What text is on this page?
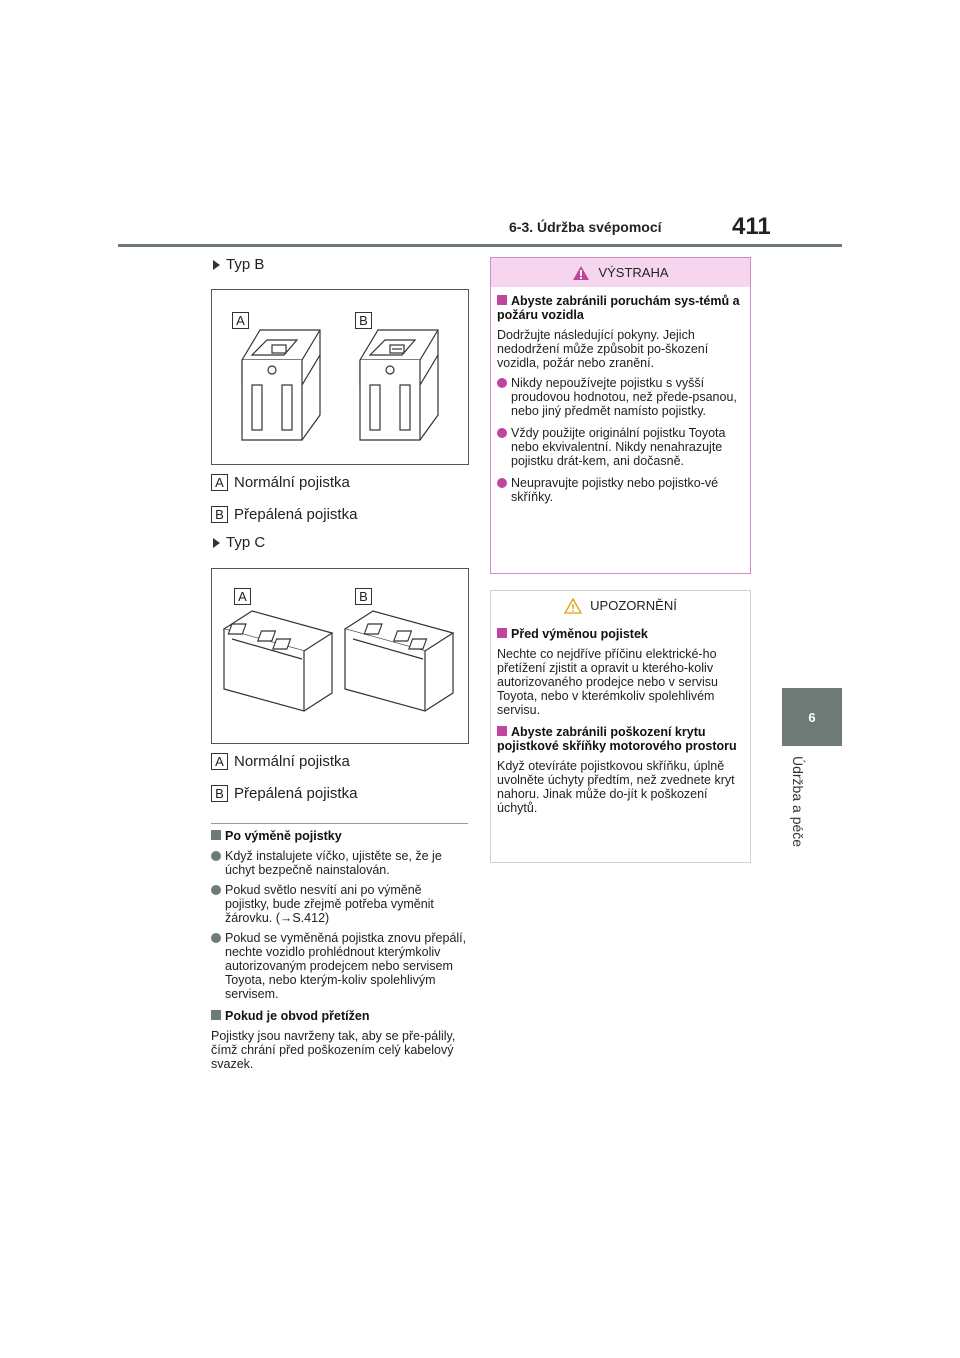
6-3. Údržba svépomocí	411
6
Údržba a péče
Typ B
A	B
A Normální pojistka
B Přepálená pojistka
Typ C
A	B
A Normální pojistka
B Přepálená pojistka
Po výměně pojistky
Když instalujete víčko, ujistěte se, že je úchyt bezpečně nainstalován.
Pokud světlo nesvítí ani po výměně pojistky, bude zřejmě potřeba vyměnit žárovku. (→S.412)
Pokud se vyměněná pojistka znovu přepálí, nechte vozidlo prohlédnout kterýmkoliv autorizovaným prodejcem nebo servisem Toyota, nebo kterým-koliv spolehlivým servisem.
Pokud je obvod přetížen
Pojistky jsou navrženy tak, aby se pře-pálily, čímž chrání před poškozením celý kabelový svazek.
VÝSTRAHA
Abyste zabránili poruchám sys-témů a požáru vozidla
Dodržujte následující pokyny. Jejich nedodržení může způsobit po-škození vozidla, požár nebo zranění.
Nikdy nepoužívejte pojistku s vyšší proudovou hodnotou, než přede-psanou, nebo jiný předmět namísto pojistky.
Vždy použijte originální pojistku Toyota nebo ekvivalentní. Nikdy nenahrazujte pojistku drát-kem, ani dočasně.
Neupravujte pojistky nebo pojistko-vé skříňky.
UPOZORNĚNÍ
Před výměnou pojistek
Nechte co nejdříve příčinu elektrické-ho přetížení zjistit a opravit u kterého-koliv autorizovaného prodejce nebo v servisu Toyota, nebo v kterémkoliv spolehlivém servisu.
Abyste zabránili poškození krytu pojistkové skříňky motorového prostoru
Když otevíráte pojistkovou skříňku, úplně uvolněte úchyty předtím, než zvednete kryt nahoru. Jinak může do-jít k poškození úchytů.
